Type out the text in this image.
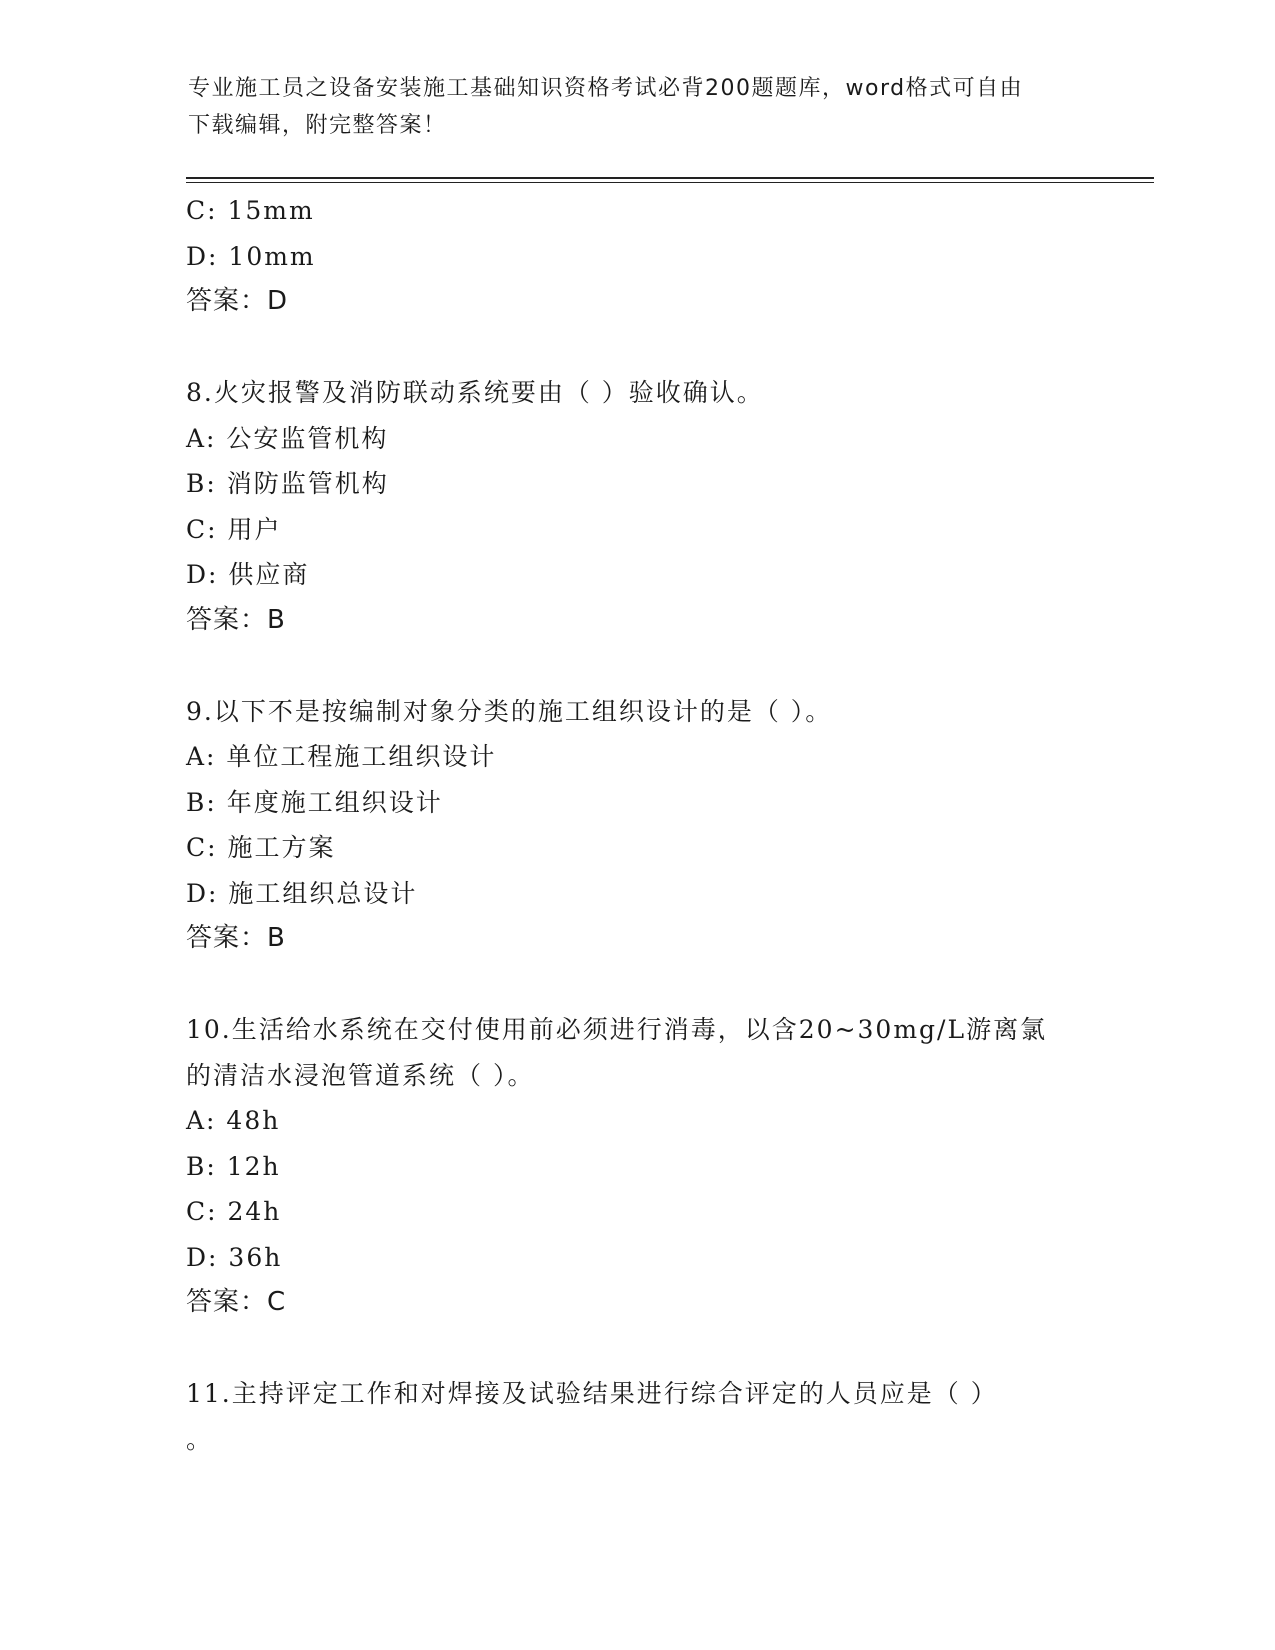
专业施工员之设备安装施工基础知识资格考试必背200题题库，word格式可自由
下载编辑，附完整答案！
C: 15mm
D: 10mm
答案：D
8.火灾报警及消防联动系统要由（ ）验收确认。
A: 公安监管机构
B: 消防监管机构
C: 用户
D: 供应商
答案：B
9.以下不是按编制对象分类的施工组织设计的是（ ）。
A: 单位工程施工组织设计
B: 年度施工组织设计
C: 施工方案
D: 施工组织总设计
答案：B
10.生活给水系统在交付使用前必须进行消毒，以含20~30mg/L游离氯
的清洁水浸泡管道系统（ ）。
A: 48h
B: 12h
C: 24h
D: 36h
答案：C
11.主持评定工作和对焊接及试验结果进行综合评定的人员应是（ ）
。
